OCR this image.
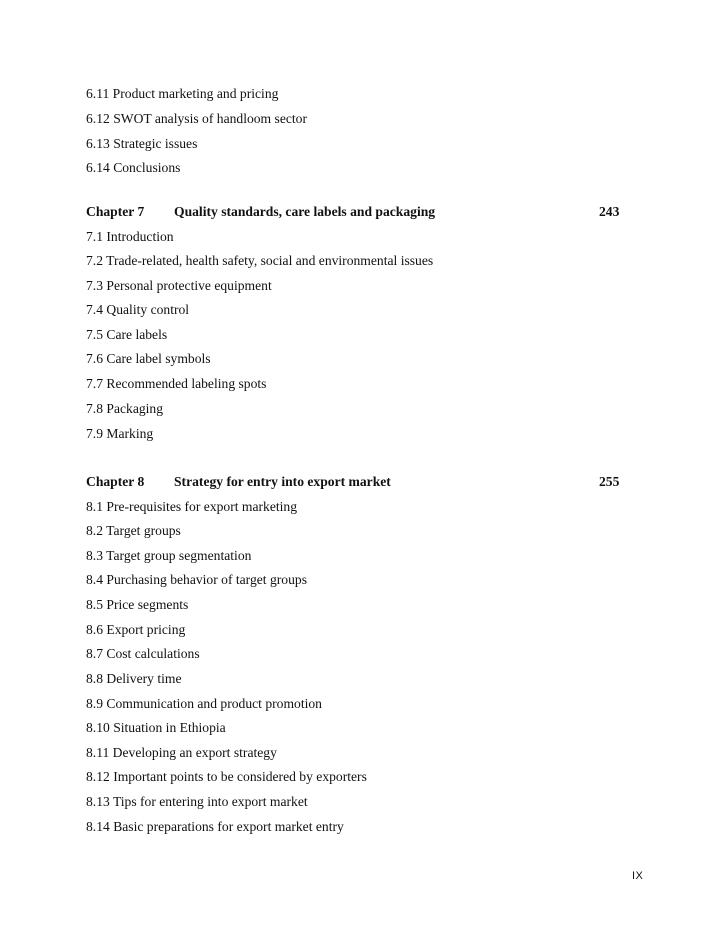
6.11 Product marketing and pricing
6.12 SWOT analysis of handloom sector
6.13 Strategic issues
6.14 Conclusions
Chapter 7 Quality standards, care labels and packaging	243
7.1 Introduction
7.2 Trade-related, health safety, social and environmental issues
7.3 Personal protective equipment
7.4 Quality control
7.5 Care labels
7.6 Care label symbols
7.7 Recommended labeling spots
7.8 Packaging
7.9 Marking
Chapter 8 Strategy for entry into export market	255
8.1 Pre-requisites for export marketing
8.2 Target groups
8.3 Target group segmentation
8.4 Purchasing behavior of target groups
8.5 Price segments
8.6 Export pricing
8.7 Cost calculations
8.8 Delivery time
8.9 Communication and product promotion
8.10 Situation in Ethiopia
8.11 Developing an export strategy
8.12 Important points to be considered by exporters
8.13 Tips for entering into export market
8.14 Basic preparations for export market entry
IX
